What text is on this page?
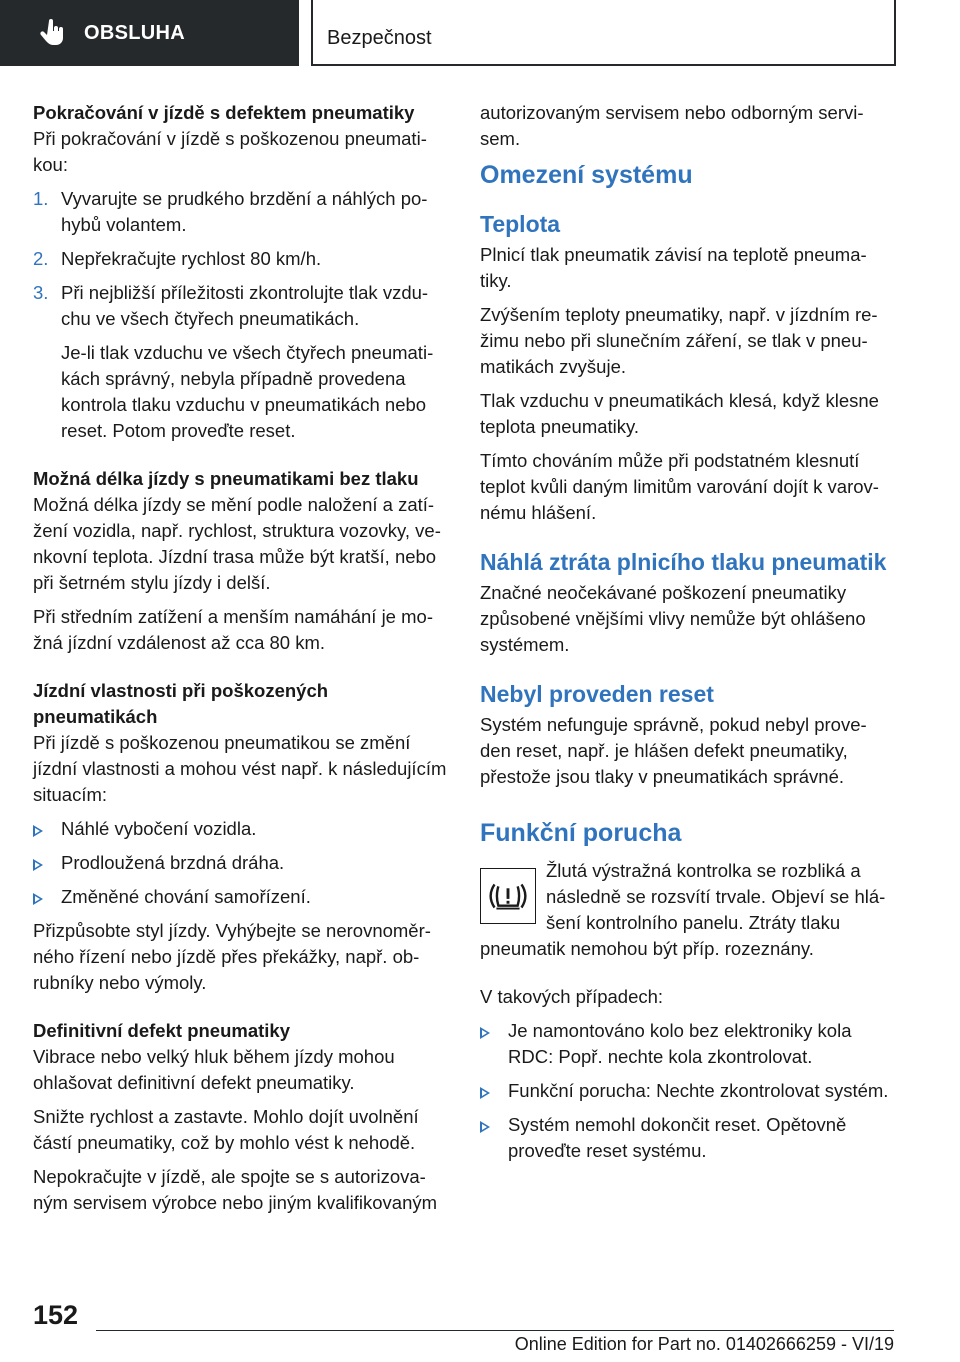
OBSLUHA	Bezpečnost
Pokračování v jízdě s defektem pneumatiky

Při pokračování v jízdě s poškozenou pneumatikou:

1. Vyvarujte se prudkého brzdění a náhlých pohybů volantem.
2. Nepřekračujte rychlost 80 km/h.
3. Při nejbližší příležitosti zkontrolujte tlak vzduchu ve všech čtyřech pneumatikách.
Je-li tlak vzduchu ve všech čtyřech pneumatikách správný, nebyla případně provedena kontrola tlaku vzduchu v pneumatikách nebo reset. Potom proveďte reset.
Možná délka jízdy s pneumatikami bez tlaku

Možná délka jízdy se mění podle naložení a zatížení vozidla, např. rychlost, struktura vozovky, venkovní teplota. Jízdní trasa může být kratší, nebo při šetrném stylu jízdy i delší.

Při středním zatížení a menším namáhání je možná jízdní vzdálenost až cca 80 km.

Jízdní vlastnosti při poškozených pneumatikách

Při jízdě s poškozenou pneumatikou se změní jízdní vlastnosti a mohou vést např. k následujícím situacím:

Náhlé vybočení vozidla.
Prodloužená brzdná dráha.
Změněné chování samořízení.

Přizpůsobte styl jízdy. Vyhýbejte se nerovnoměrného řízení nebo jízdě přes překážky, např. obrubníky nebo výmoly.

Definitivní defekt pneumatiky

Vibrace nebo velký hluk během jízdy mohou ohlašovat definitivní defekt pneumatiky.

Snižte rychlost a zastavte. Mohlo dojít uvolnění částí pneumatiky, což by mohlo vést k nehodě.

Nepokračujte v jízdě, ale spojte se s autorizovaným servisem výrobce nebo jiným kvalifikovaným

autorizovaným servisem nebo odborným servisem.

Omezení systému
Teplota

Plnicí tlak pneumatik závisí na teplotě pneumatiky.

Zvýšením teploty pneumatiky, např. v jízdním režimu nebo při slunečním záření, se tlak v pneumatikách zvyšuje.

Tlak vzduchu v pneumatikách klesá, když klesne teplota pneumatiky.

Tímto chováním může při podstatném klesnutí teplot kvůli daným limitům varování dojít k varovnému hlášení.

Náhlá ztráta plnicího tlaku pneumatik

Značné neočekávané poškození pneumatiky způsobené vnějšími vlivy nemůže být ohlášeno systémem.

Nebyl proveden reset

Systém nefunguje správně, pokud nebyl proveden reset, např. je hlášen defekt pneumatiky, přestože jsou tlaky v pneumatikách správné.

Funkční porucha
Žlutá výstražná kontrolka se rozbliká a následně se rozsvítí trvale. Objeví se hlášení kontrolního panelu. Ztráty tlaku

pneumatik nemohou být příp. rozeznány.

V takových případech:

Je namontováno kolo bez elektroniky kola RDC: Popř. nechte kola zkontrolovat.
Funkční porucha: Nechte zkontrolovat systém.
Systém nemohl dokončit reset. Opětovně proveďte reset systému.
152
Online Edition for Part no. 01402666259 - VI/19
